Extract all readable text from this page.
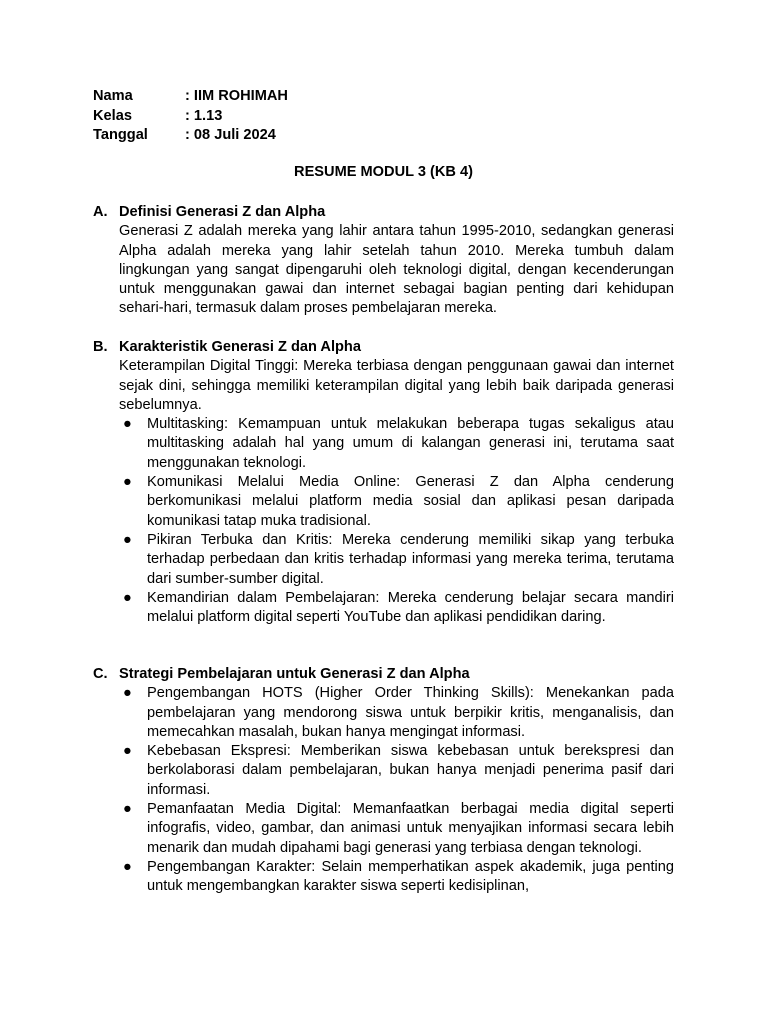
Nama	: IIM ROHIMAH
Kelas	: 1.13
Tanggal	: 08 Juli 2024
RESUME MODUL 3 (KB 4)
A. Definisi Generasi Z dan Alpha
Generasi Z adalah mereka yang lahir antara tahun 1995-2010, sedangkan generasi Alpha adalah mereka yang lahir setelah tahun 2010. Mereka tumbuh dalam lingkungan yang sangat dipengaruhi oleh teknologi digital, dengan kecenderungan untuk menggunakan gawai dan internet sebagai bagian penting dari kehidupan sehari-hari, termasuk dalam proses pembelajaran mereka.
B. Karakteristik Generasi Z dan Alpha
Keterampilan Digital Tinggi: Mereka terbiasa dengan penggunaan gawai dan internet sejak dini, sehingga memiliki keterampilan digital yang lebih baik daripada generasi sebelumnya.
● Multitasking: Kemampuan untuk melakukan beberapa tugas sekaligus atau multitasking adalah hal yang umum di kalangan generasi ini, terutama saat menggunakan teknologi.
● Komunikasi Melalui Media Online: Generasi Z dan Alpha cenderung berkomunikasi melalui platform media sosial dan aplikasi pesan daripada komunikasi tatap muka tradisional.
● Pikiran Terbuka dan Kritis: Mereka cenderung memiliki sikap yang terbuka terhadap perbedaan dan kritis terhadap informasi yang mereka terima, terutama dari sumber-sumber digital.
● Kemandirian dalam Pembelajaran: Mereka cenderung belajar secara mandiri melalui platform digital seperti YouTube dan aplikasi pendidikan daring.
C. Strategi Pembelajaran untuk Generasi Z dan Alpha
● Pengembangan HOTS (Higher Order Thinking Skills): Menekankan pada pembelajaran yang mendorong siswa untuk berpikir kritis, menganalisis, dan memecahkan masalah, bukan hanya mengingat informasi.
● Kebebasan Ekspresi: Memberikan siswa kebebasan untuk berekspresi dan berkolaborasi dalam pembelajaran, bukan hanya menjadi penerima pasif dari informasi.
● Pemanfaatan Media Digital: Memanfaatkan berbagai media digital seperti infografis, video, gambar, dan animasi untuk menyajikan informasi secara lebih menarik dan mudah dipahami bagi generasi yang terbiasa dengan teknologi.
● Pengembangan Karakter: Selain memperhatikan aspek akademik, juga penting untuk mengembangkan karakter siswa seperti kedisiplinan,
